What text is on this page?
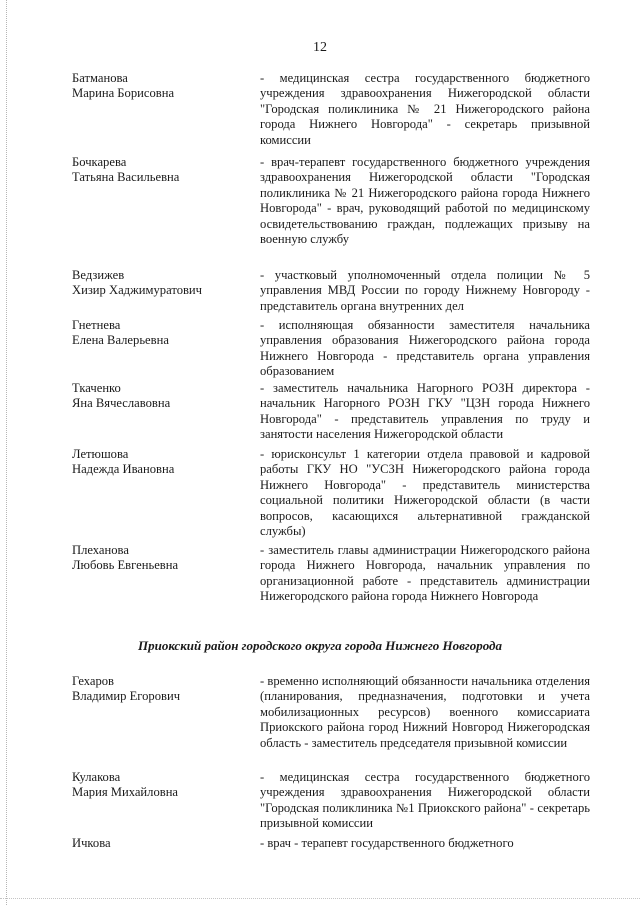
12
Батманова
Марина Борисовна
- медицинская сестра государственного бюджетного учреждения здравоохранения Нижегородской области "Городская поликлиника № 21 Нижегородского района города Нижнего Новгорода" - секретарь призывной комиссии
Бочкарева
Татьяна Васильевна
- врач-терапевт государственного бюджетного учреждения здравоохранения Нижегородской области "Городская поликлиника № 21 Нижегородского района города Нижнего Новгорода" - врач, руководящий работой по медицинскому освидетельствованию граждан, подлежащих призыву на военную службу
Ведзижев
Хизир Хаджимуратович
- участковый уполномоченный отдела полиции № 5 управления МВД России по городу Нижнему Новгороду - представитель органа внутренних дел
Гнетнева
Елена Валерьевна
- исполняющая обязанности заместителя начальника управления образования Нижегородского района города Нижнего Новгорода - представитель органа управления образованием
Ткаченко
Яна Вячеславовна
- заместитель начальника Нагорного РОЗН директора - начальник Нагорного РОЗН ГКУ "ЦЗН города Нижнего Новгорода" - представитель управления по труду и занятости населения Нижегородской области
Летюшова
Надежда Ивановна
- юрисконсульт 1 категории отдела правовой и кадровой работы ГКУ НО "УСЗН Нижегородского района города Нижнего Новгорода" - представитель министерства социальной политики Нижегородской области (в части вопросов, касающихся альтернативной гражданской службы)
Плеханова
Любовь Евгеньевна
- заместитель главы администрации Нижегородского района города Нижнего Новгорода, начальник управления по организационной работе - представитель администрации Нижегородского района города Нижнего Новгорода
Приокский район городского округа города Нижнего Новгорода
Гехаров
Владимир Егорович
- временно исполняющий обязанности начальника отделения (планирования, предназначения, подготовки и учета мобилизационных ресурсов) военного комиссариата Приокского района город Нижний Новгород Нижегородская область - заместитель председателя призывной комиссии
Кулакова
Мария Михайловна
- медицинская сестра государственного бюджетного учреждения здравоохранения Нижегородской области "Городская поликлиника №1 Приокского района" - секретарь призывной комиссии
Ичкова	- врач - терапевт государственного бюджетного
